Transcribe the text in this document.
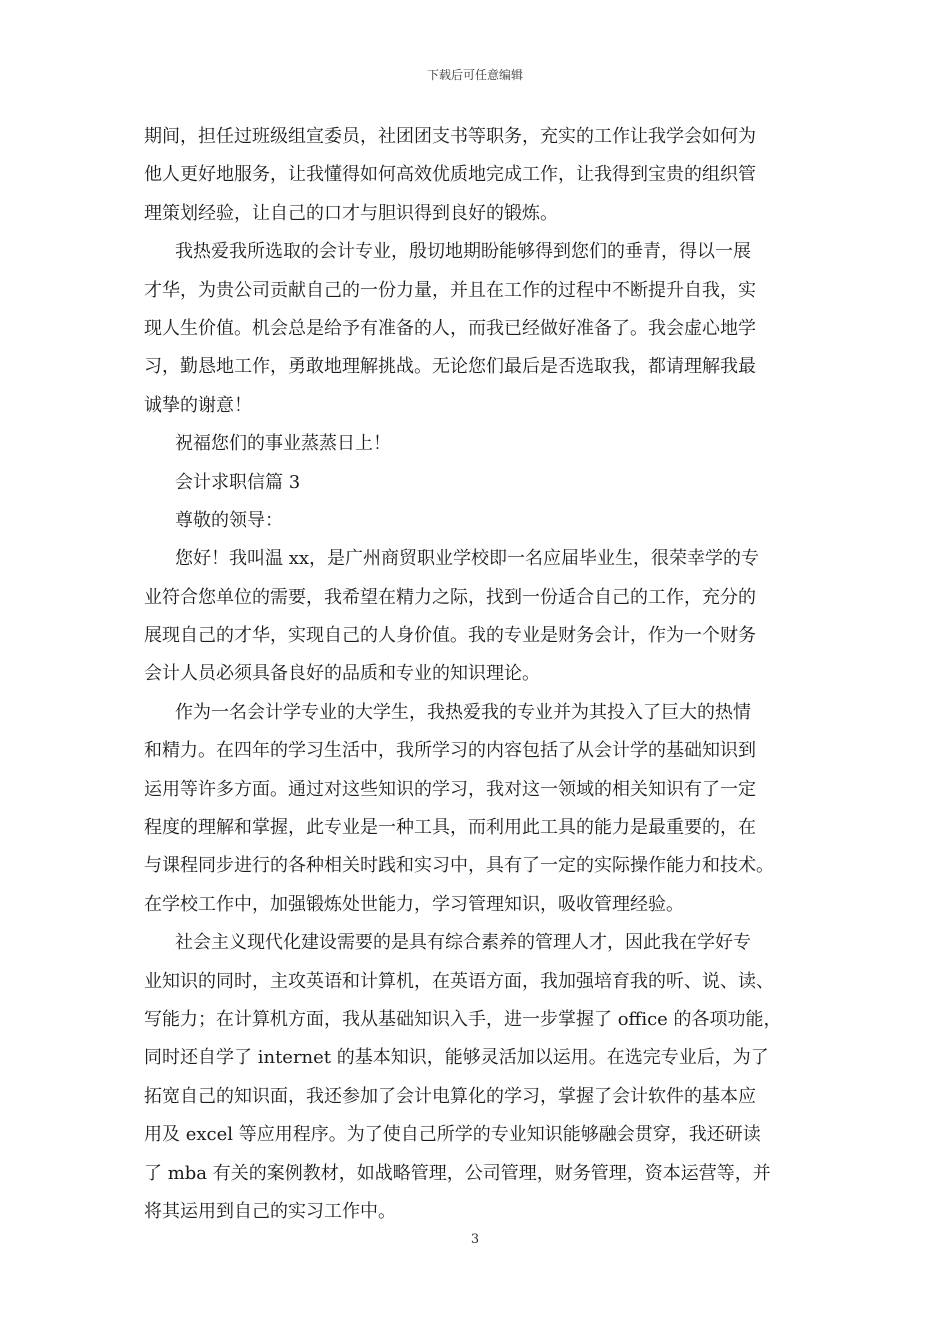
下载后可任意编辑
期间，担任过班级组宣委员，社团团支书等职务，充实的工作让我学会如何为
他人更好地服务，让我懂得如何高效优质地完成工作，让我得到宝贵的组织管
理策划经验，让自己的口才与胆识得到良好的锻炼。
我热爱我所选取的会计专业，殷切地期盼能够得到您们的垂青，得以一展
才华，为贵公司贡献自己的一份力量，并且在工作的过程中不断提升自我，实
现人生价值。机会总是给予有准备的人，而我已经做好准备了。我会虚心地学
习，勤恳地工作，勇敢地理解挑战。无论您们最后是否选取我，都请理解我最
诚挚的谢意！
祝福您们的事业蒸蒸日上！
会计求职信篇 3
尊敬的领导：
您好！我叫温 xx，是广州商贸职业学校即一名应届毕业生，很荣幸学的专
业符合您单位的需要，我希望在精力之际，找到一份适合自己的工作，充分的
展现自己的才华，实现自己的人身价值。我的专业是财务会计，作为一个财务
会计人员必须具备良好的品质和专业的知识理论。
作为一名会计学专业的大学生，我热爱我的专业并为其投入了巨大的热情
和精力。在四年的学习生活中，我所学习的内容包括了从会计学的基础知识到
运用等许多方面。通过对这些知识的学习，我对这一领域的相关知识有了一定
程度的理解和掌握，此专业是一种工具，而利用此工具的能力是最重要的，在
与课程同步进行的各种相关时践和实习中，具有了一定的实际操作能力和技术。
在学校工作中，加强锻炼处世能力，学习管理知识，吸收管理经验。
社会主义现代化建设需要的是具有综合素养的管理人才，因此我在学好专
业知识的同时，主攻英语和计算机，在英语方面，我加强培育我的听、说、读、
写能力；在计算机方面，我从基础知识入手，进一步掌握了 office 的各项功能，
同时还自学了 internet 的基本知识，能够灵活加以运用。在选完专业后，为了
拓宽自己的知识面，我还参加了会计电算化的学习，掌握了会计软件的基本应
用及 excel 等应用程序。为了使自己所学的专业知识能够融会贯穿，我还研读
了 mba 有关的案例教材，如战略管理，公司管理，财务管理，资本运营等，并
将其运用到自己的实习工作中。
3
